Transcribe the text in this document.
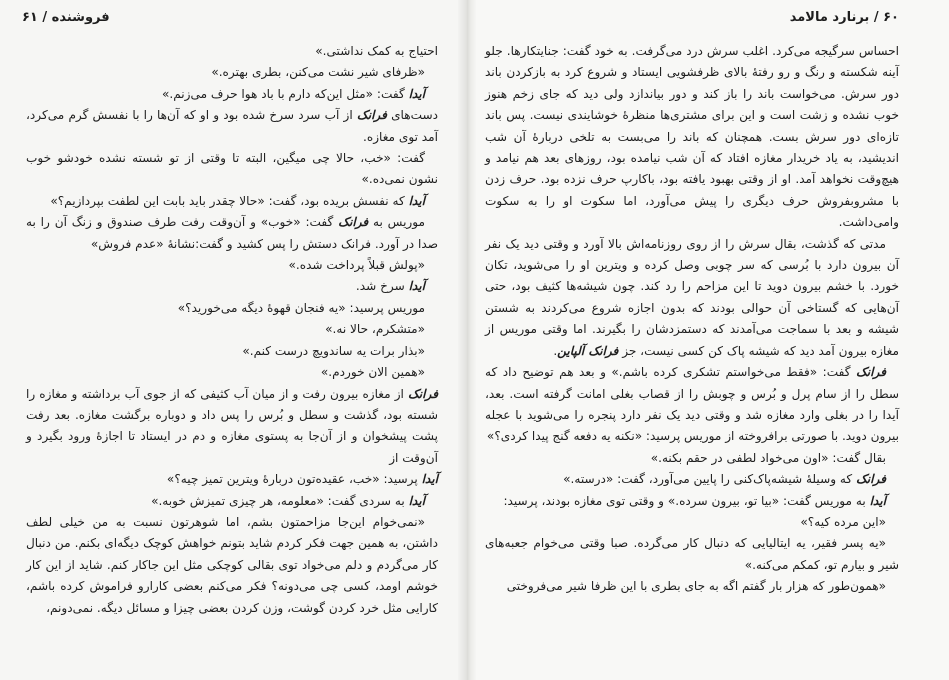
فروشنده / ۶۱

احتیاج به کمک نداشتی.»

«ظرفای شیر نشت می‌کنن، بطری بهتره.»

آیدا گفت: «مثل این‌که دارم با باد هوا حرف می‌زنم.»

دست‌های فرانک از آب سرد سرخ شده بود و او که آن‌ها را با نفسش گرم می‌کرد، آمد توی مغازه.

گفت: «خب، حالا چی میگین، البته تا وقتی از تو شسته نشده خودشو خوب نشون نمی‌ده.»

آیدا که نفسش بریده بود، گفت: «حالا چقدر باید بابت این لطفت بپردازیم؟»

موریس به فرانک گفت: «خوب» و آن‌وقت رفت طرف صندوق و زنگ آن را به صدا در آورد. فرانک دستش را پس کشید و گفت:نشانهٔ «عدم فروش»

«پولش قبلاً پرداخت شده.»

آیدا سرخ شد.

موریس پرسید: «یه فنجان قهوهٔ دیگه می‌خورید؟»

«متشکرم، حالا نه.»

«بذار برات یه ساندویچ درست کنم.»

«همین الان خوردم.»

فرانک از مغازه بیرون رفت و از میان آب کثیفی که از جوی آب برداشته و مغازه را شسته بود، گذشت و سطل و بُرس را پس داد و دوباره برگشت مغازه. بعد رفت پشت پیشخوان و از آن‌جا به پستوی مغازه و دم در ایستاد تا اجازهٔ ورود بگیرد و آن‌وقت از

آیدا پرسید: «خب، عقیده‌تون دربارهٔ ویترین تمیز چیه؟»

آیدا به سردی گفت: «معلومه، هر چیزی تمیزش خوبه.»

«نمی‌خوام این‌جا مزاحمتون بشم، اما شوهرتون نسبت به من خیلی لطف داشتن، به همین جهت فکر کردم شاید بتونم خواهش کوچک دیگه‌ای بکنم. من دنبال کار می‌گردم و دلم می‌خواد توی بقالی کوچکی مثل این جاکار کنم. شاید از این کار خوشم اومد، کسی چی می‌دونه؟ فکر می‌کنم بعضی کارارو فراموش کرده باشم، کارایی مثل خرد کردن گوشت، وزن کردن بعضی چیزا و مسائل دیگه. نمی‌دونم،

۶۰ / برنارد مالامد

احساس سرگیجه می‌کرد. اغلب سرش درد می‌گرفت. به خود گفت: جنایتکارها. جلو آینه شکسته و رنگ و رو رفتهٔ بالای ظرفشویی ایستاد و شروع کرد به بازکردن باند دور سرش. می‌خواست باند را باز کند و دور بیاندازد ولی دید که جای زخم هنوز خوب نشده و زشت است و این برای مشتری‌ها منظرهٔ خوشایندی نیست. پس باند تازه‌ای دور سرش بست. همچنان که باند را می‌بست به تلخی دربارهٔ آن شب اندیشید، به یاد خریدار مغازه افتاد که آن شب نیامده بود، روزهای بعد هم نیامد و هیچ‌وقت نخواهد آمد. او از وقتی بهبود یافته بود، باکارپ حرف نزده بود. حرف زدن با مشروبفروش حرف دیگری را پیش می‌آورد، اما سکوت او را به سکوت وامی‌داشت.

مدتی که گذشت، بقال سرش را از روی روزنامه‌اش بالا آورد و وقتی دید یک نفر آن بیرون دارد با بُرسی که سر چوبی وصل کرده و ویترین او را می‌شوید، تکان خورد. با خشم بیرون دوید تا این مزاحم را رد کند. چون شیشه‌ها کثیف بود، حتی آن‌هایی که گستاخی آن حوالی بودند که بدون اجازه شروع می‌کردند به شستن شیشه و بعد با سماجت می‌آمدند که دستمزدشان را بگیرند. اما وقتی موریس از مغازه بیرون آمد دید که شیشه پاک کن کسی نیست، جز فرانک آلپاین.

فرانک گفت: «فقط می‌خواستم تشکری کرده باشم.» و بعد هم توضیح داد که سطل را از سام پرل و بُرس و چوبش را از قصاب بغلی امانت گرفته است. بعد، آیدا را در بغلی وارد مغازه شد و وقتی دید یک نفر دارد پنجره را می‌شوید با عجله بیرون دوید. با صورتی برافروخته از موریس پرسید: «نکنه یه دفعه گنج پیدا کردی؟»

بقال گفت: «اون می‌خواد لطفی در حقم بکنه.»

فرانک که وسیلهٔ شیشه‌پاک‌کنی را پایین می‌آورد، گفت: «درسته.»

آیدا به موریس گفت: «بیا تو، بیرون سرده.» و وقتی توی مغازه بودند، پرسید:

«این مرده کیه؟»

«یه پسر فقیر، یه ایتالیایی که دنبال کار می‌گرده. صبا وقتی می‌خوام جعبه‌های شیر و بیارم تو، کمکم می‌کنه.»

«همون‌طور که هزار بار گفتم اگه به جای بطری با این ظرفا شیر می‌فروختی
